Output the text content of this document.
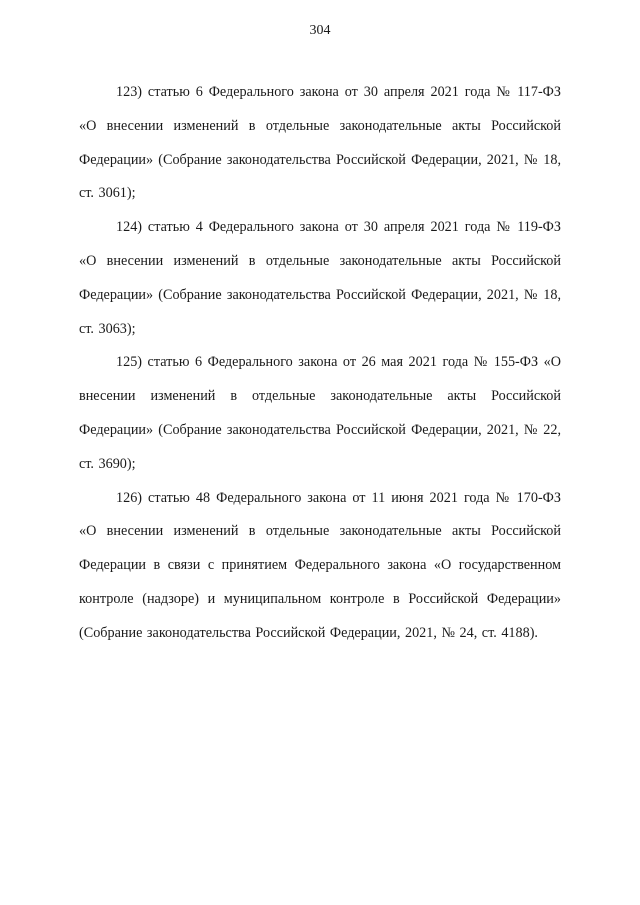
304

123) статью 6 Федерального закона от 30 апреля 2021 года № 117-ФЗ «О внесении изменений в отдельные законодательные акты Российской Федерации» (Собрание законодательства Российской Федерации, 2021, № 18, ст. 3061);

124) статью 4 Федерального закона от 30 апреля 2021 года № 119-ФЗ «О внесении изменений в отдельные законодательные акты Российской Федерации» (Собрание законодательства Российской Федерации, 2021, № 18, ст. 3063);

125) статью 6 Федерального закона от 26 мая 2021 года № 155-ФЗ «О внесении изменений в отдельные законодательные акты Российской Федерации» (Собрание законодательства Российской Федерации, 2021, № 22, ст. 3690);

126) статью 48 Федерального закона от 11 июня 2021 года № 170-ФЗ «О внесении изменений в отдельные законодательные акты Российской Федерации в связи с принятием Федерального закона «О государственном контроле (надзоре) и муниципальном контроле в Российской Федерации» (Собрание законодательства Российской Федерации, 2021, № 24, ст. 4188).
